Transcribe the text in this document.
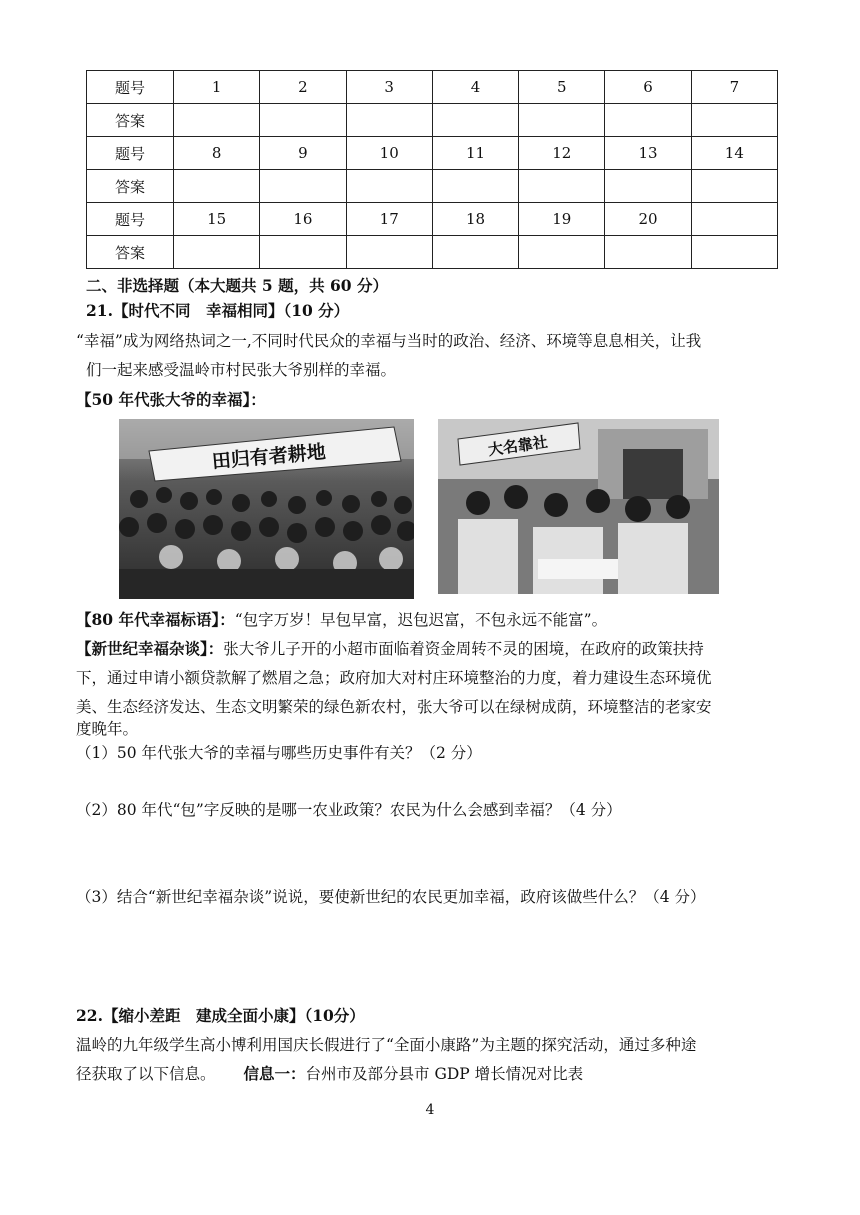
题号	1	2	3	4	5	6	7
答案							
题号	8	9	10	11	12	13	14
答案							
题号	15	16	17	18	19	20	
答案							
二、非选择题（本大题共 5 题，共 60 分）
21.【时代不同　幸福相同】（10 分）
“幸福”成为网络热词之一,不同时代民众的幸福与当时的政治、经济、环境等息息相关，让我
们一起来感受温岭市村民张大爷别样的幸福。
【50 年代张大爷的幸福】：
田归有者耕地	大名靠社
【80 年代幸福标语】：“包字万岁！早包早富，迟包迟富，不包永远不能富”。
【新世纪幸福杂谈】：张大爷儿子开的小超市面临着资金周转不灵的困境，在政府的政策扶持
下，通过申请小额贷款解了燃眉之急；政府加大对村庄环境整治的力度，着力建设生态环境优
美、生态经济发达、生态文明繁荣的绿色新农村，张大爷可以在绿树成荫，环境整洁的老家安
度晚年。
（1）50 年代张大爷的幸福与哪些历史事件有关？（2 分）
（2）80 年代“包”字反映的是哪一农业政策？农民为什么会感到幸福？（4 分）
（3）结合“新世纪幸福杂谈”说说，要使新世纪的农民更加幸福，政府该做些什么？（4 分）
22.【缩小差距　建成全面小康】（10分）
温岭的九年级学生高小博利用国庆长假进行了“全面小康路”为主题的探究活动，通过多种途
径获取了以下信息。 信息一：台州市及部分县市 GDP 增长情况对比表
4
